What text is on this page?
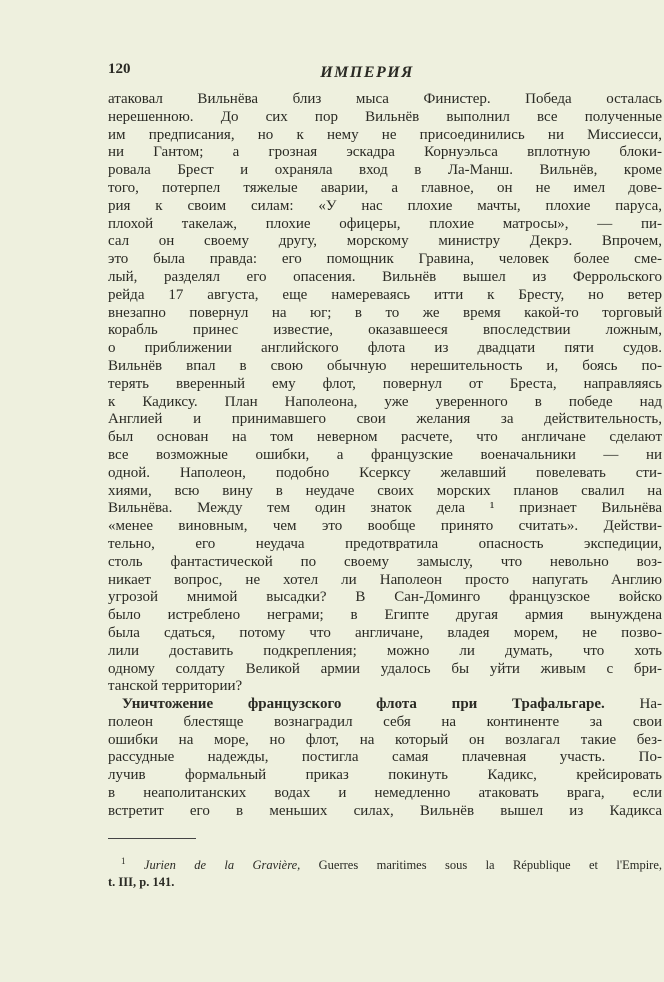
120	ИМПЕРИЯ
атаковал Вильнёва близ мыса Финистер. Победа осталась
нерешенною. До сих пор Вильнёв выполнил все полученные
им предписания, но к нему не присоединились ни Миссиесси,
ни Гантом; а грозная эскадра Корнуэльса вплотную блоки-
ровала Брест и охраняла вход в Ла-Манш. Вильнёв, кроме
того, потерпел тяжелые аварии, а главное, он не имел дове-
рия к своим силам: «У нас плохие мачты, плохие паруса,
плохой такелаж, плохие офицеры, плохие матросы», — пи-
сал он своему другу, морскому министру Декрэ. Впрочем,
это была правда: его помощник Гравина, человек более сме-
лый, разделял его опасения. Вильнёв вышел из Феррольского
рейда 17 августа, еще намереваясь итти к Бресту, но ветер
внезапно повернул на юг; в то же время какой-то торговый
корабль принес известие, оказавшееся впоследствии ложным,
о приближении английского флота из двадцати пяти судов.
Вильнёв впал в свою обычную нерешительность и, боясь по-
терять вверенный ему флот, повернул от Бреста, направляясь
к Кадиксу. План Наполеона, уже уверенного в победе над
Англией и принимавшего свои желания за действительность,
был основан на том неверном расчете, что англичане сделают
все возможные ошибки, а французские военачальники — ни
одной. Наполеон, подобно Ксерксу желавший повелевать сти-
хиями, всю вину в неудаче своих морских планов свалил на
Вильнёва. Между тем один знаток дела ¹ признает Вильнёва
«менее виновным, чем это вообще принято считать». Действи-
тельно, его неудача предотвратила опасность экспедиции,
столь фантастической по своему замыслу, что невольно воз-
никает вопрос, не хотел ли Наполеон просто напугать Англию
угрозой мнимой высадки? В Сан-Доминго французское войско
было истреблено неграми; в Египте другая армия вынуждена
была сдаться, потому что англичане, владея морем, не позво-
лили доставить подкрепления; можно ли думать, что хоть
одному солдату Великой армии удалось бы уйти живым с бри-
танской территории?
Уничтожение французского флота при Трафальгаре. На-
полеон блестяще вознаградил себя на континенте за свои
ошибки на море, но флот, на который он возлагал такие без-
рассудные надежды, постигла самая плачевная участь. По-
лучив формальный приказ покинуть Кадикс, крейсировать
в неаполитанских водах и немедленно атаковать врага, если
встретит его в меньших силах, Вильнёв вышел из Кадикса
$^1$ Jurien de la Gravière, Guerres maritimes sous la République et l'Empire,
t. III, p. 141.
